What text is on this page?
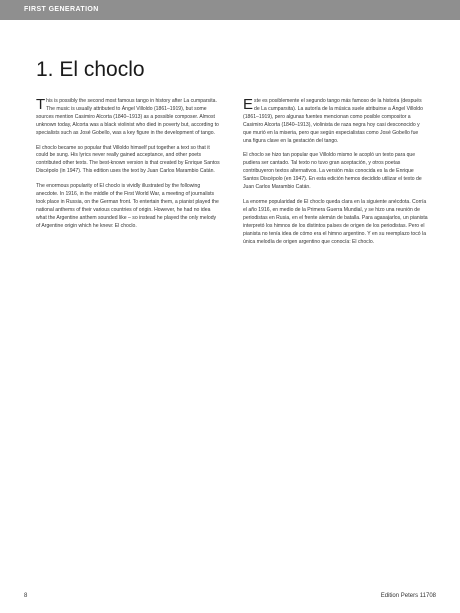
FIRST GENERATION
1. El choclo

This is possibly the second most famous tango in history after La cumparsita. The music is usually attributed to Ángel Villoldo (1861–1919), but some sources mention Casimiro Alcorta (1840–1913) as a possible composer. Almost unknown today, Alcorta was a black violinist who died in poverty but, according to specialists such as José Gobello, was a key figure in the development of tango.

El choclo became so popular that Villoldo himself put together a text so that it could be sung. His lyrics never really gained acceptance, and other poets contributed other texts. The best-known version is that created by Enrique Santos Discépolo (in 1947). This edition uses the text by Juan Carlos Marambio Catán.

The enormous popularity of El choclo is vividly illustrated by the following anecdote. In 1916, in the middle of the First World War, a meeting of journalists took place in Russia, on the German front. To entertain them, a pianist played the national anthems of their various countries of origin. However, he had no idea what the Argentine anthem sounded like – so instead he played the only melody of Argentine origin which he knew: El choclo.

Este es posiblemente el segundo tango más famoso de la historia (después de La cumparsita). La autoría de la música suele atribuirse a Ángel Villoldo (1861–1919), pero algunas fuentes mencionan como posible compositor a Casimiro Alcorta (1840–1913), violinista de raza negra hoy casi desconocido y que murió en la miseria, pero que según especialistas como José Gobello fue una figura clave en la gestación del tango.

El choclo se hizo tan popular que Villoldo mismo le acopló un texto para que pudiera ser cantado. Tal texto no tuvo gran aceptación, y otros poetas contribuyeron textos alternativos. La versión más conocida es la de Enrique Santos Discépolo (en 1947). En esta edición hemos decidido utilizar el texto de Juan Carlos Marambio Catán.

La enorme popularidad de El choclo queda clara en la siguiente anécdota. Corría el año 1916, en medio de la Primera Guerra Mundial, y se hizo una reunión de periodistas en Rusia, en el frente alemán de batalla. Para agasajarlos, un pianista interpretó los himnos de los distintos países de origen de los periodistas. Pero el pianista no tenía idea de cómo era el himno argentino. Y en su reemplazo tocó la única melodía de origen argentino que conocía: El choclo.

8	Edition Peters 11708
